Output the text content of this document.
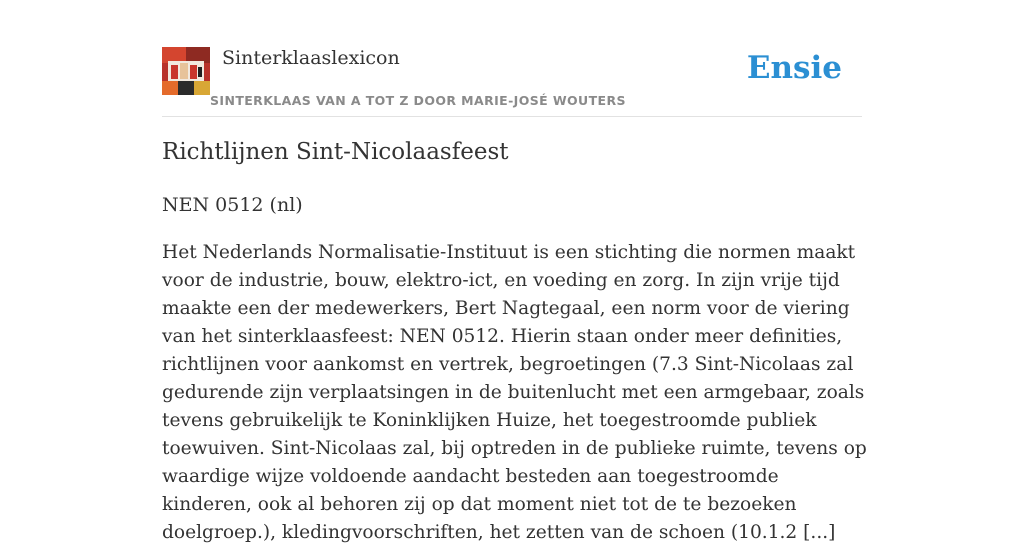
Sinterklaaslexicon
SINTERKLAAS VAN A TOT Z DOOR MARIE-JOSÉ WOUTERS
Ensie
Richtlijnen Sint-Nicolaasfeest
NEN 0512 (nl)

Het Nederlands Normalisatie-Instituut is een stichting die normen maakt voor de industrie, bouw, elektro-ict, en voeding en zorg. In zijn vrije tijd maakte een der medewerkers, Bert Nagtegaal, een norm voor de viering van het sinterklaasfeest: NEN 0512. Hierin staan onder meer definities, richtlijnen voor aankomst en vertrek, begroetingen (7.3 Sint-Nicolaas zal gedurende zijn verplaatsingen in de buitenlucht met een armgebaar, zoals tevens gebruikelijk te Koninklijken Huize, het toegestroomde publiek toewuiven. Sint-Nicolaas zal, bij optreden in de publieke ruimte, tevens op waardige wijze voldoende aandacht besteden aan toegestroomde kinderen, ook al behoren zij op dat moment niet tot de te bezoeken doelgroep.), kledingvoorschriften, het zetten van de schoen (10.1.2 [...]
